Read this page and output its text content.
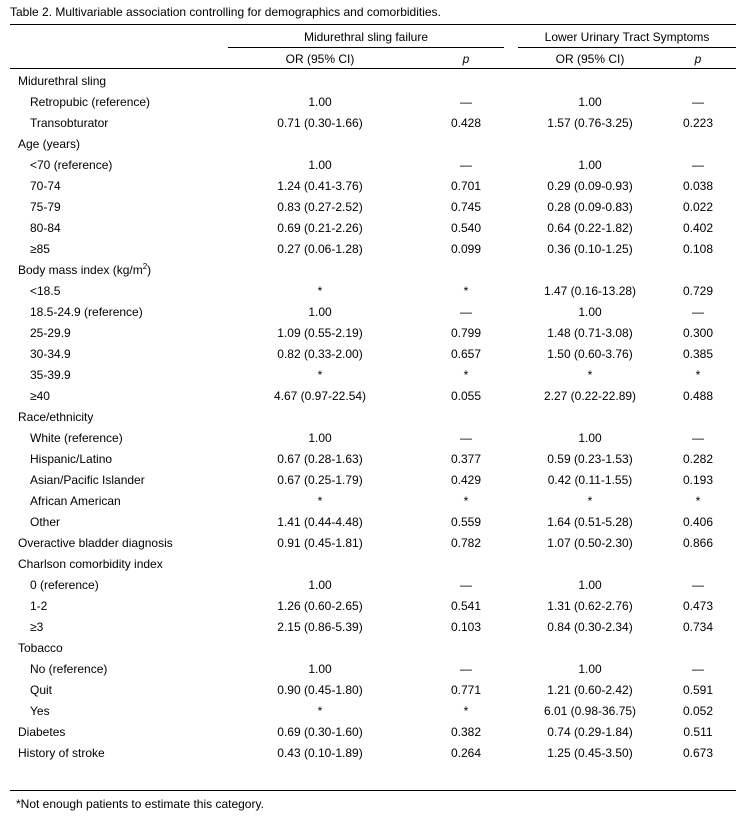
Table 2. Multivariable association controlling for demographics and comorbidities.
Midurethral sling failure	Lower Urinary Tract Symptoms
OR (95% CI)	p	OR (95% CI)	p
Midurethral sling
Retropubic (reference)	1.00	—	1.00	—
Transobturator	0.71 (0.30-1.66)	0.428	1.57 (0.76-3.25)	0.223
Age (years)
<70 (reference)	1.00	—	1.00	—
70-74	1.24 (0.41-3.76)	0.701	0.29 (0.09-0.93)	0.038
75-79	0.83 (0.27-2.52)	0.745	0.28 (0.09-0.83)	0.022
80-84	0.69 (0.21-2.26)	0.540	0.64 (0.22-1.82)	0.402
≥85	0.27 (0.06-1.28)	0.099	0.36 (0.10-1.25)	0.108
Body mass index $(kg/m^2)$
<18.5	*	*	1.47 (0.16-13.28)	0.729
18.5-24.9 (reference)	1.00	—	1.00	—
25-29.9	1.09 (0.55-2.19)	0.799	1.48 (0.71-3.08)	0.300
30-34.9	0.82 (0.33-2.00)	0.657	1.50 (0.60-3.76)	0.385
35-39.9	*	*	*	*
≥40	4.67 (0.97-22.54)	0.055	2.27 (0.22-22.89)	0.488
Race/ethnicity
White (reference)	1.00	—	1.00	—
Hispanic/Latino	0.67 (0.28-1.63)	0.377	0.59 (0.23-1.53)	0.282
Asian/Pacific Islander	0.67 (0.25-1.79)	0.429	0.42 (0.11-1.55)	0.193
African American	*	*	*	*
Other	1.41 (0.44-4.48)	0.559	1.64 (0.51-5.28)	0.406
Overactive bladder diagnosis	0.91 (0.45-1.81)	0.782	1.07 (0.50-2.30)	0.866
Charlson comorbidity index
0 (reference)	1.00	—	1.00	—
1-2	1.26 (0.60-2.65)	0.541	1.31 (0.62-2.76)	0.473
≥3	2.15 (0.86-5.39)	0.103	0.84 (0.30-2.34)	0.734
Tobacco
No (reference)	1.00	—	1.00	—
Quit	0.90 (0.45-1.80)	0.771	1.21 (0.60-2.42)	0.591
Yes	*	*	6.01 (0.98-36.75)	0.052
Diabetes	0.69 (0.30-1.60)	0.382	0.74 (0.29-1.84)	0.511
History of stroke	0.43 (0.10-1.89)	0.264	1.25 (0.45-3.50)	0.673
*Not enough patients to estimate this category.
